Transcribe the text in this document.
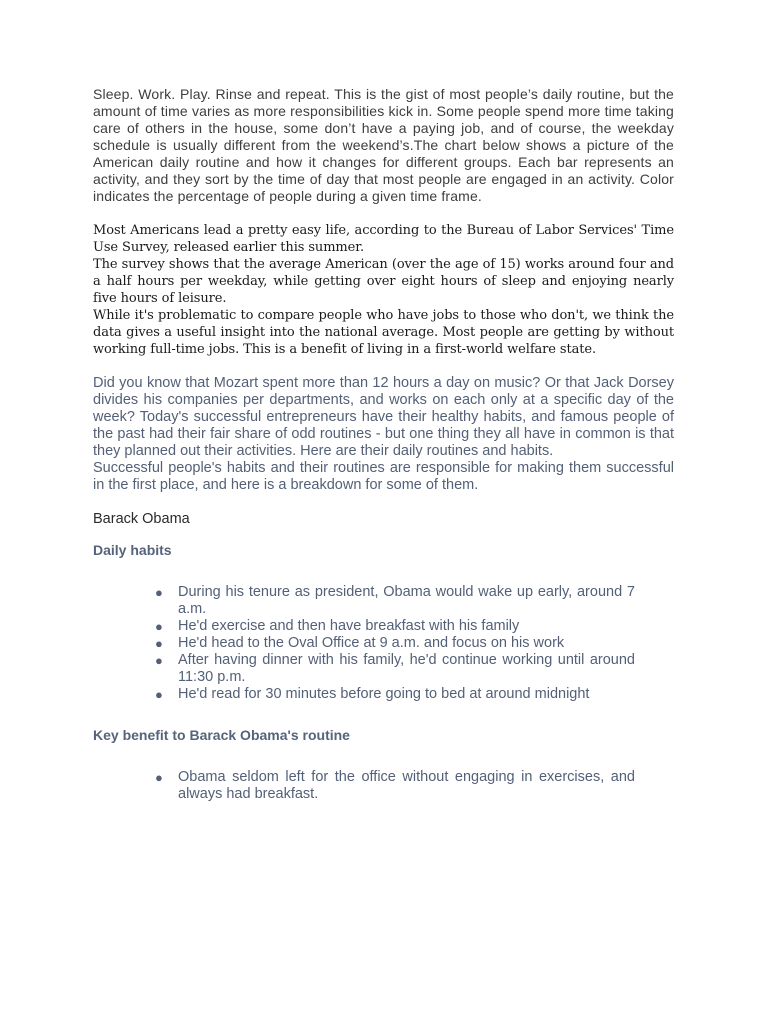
Sleep. Work. Play. Rinse and repeat. This is the gist of most people’s daily routine, but the amount of time varies as more responsibilities kick in. Some people spend more time taking care of others in the house, some don’t have a paying job, and of course, the weekday schedule is usually different from the weekend’s.The chart below shows a picture of the American daily routine and how it changes for different groups. Each bar represents an activity, and they sort by the time of day that most people are engaged in an activity. Color indicates the percentage of people during a given time frame.

Most Americans lead a pretty easy life, according to the Bureau of Labor Services' Time Use Survey, released earlier this summer.

The survey shows that the average American (over the age of 15) works around four and a half hours per weekday, while getting over eight hours of sleep and enjoying nearly five hours of leisure.

While it's problematic to compare people who have jobs to those who don't, we think the data gives a useful insight into the national average. Most people are getting by without working full-time jobs. This is a benefit of living in a first-world welfare state.

Did you know that Mozart spent more than 12 hours a day on music? Or that Jack Dorsey divides his companies per departments, and works on each only at a specific day of the week? Today's successful entrepreneurs have their healthy habits, and famous people of the past had their fair share of odd routines - but one thing they all have in common is that they planned out their activities. Here are their daily routines and habits.

Successful people's habits and their routines are responsible for making them successful in the first place, and here is a breakdown for some of them.

Barack Obama
Daily habits
● During his tenure as president, Obama would wake up early, around 7 a.m.
● He'd exercise and then have breakfast with his family
● He'd head to the Oval Office at 9 a.m. and focus on his work
● After having dinner with his family, he'd continue working until around 11:30 p.m.
● He'd read for 30 minutes before going to bed at around midnight
Key benefit to Barack Obama's routine
● Obama seldom left for the office without engaging in exercises, and always had breakfast.
